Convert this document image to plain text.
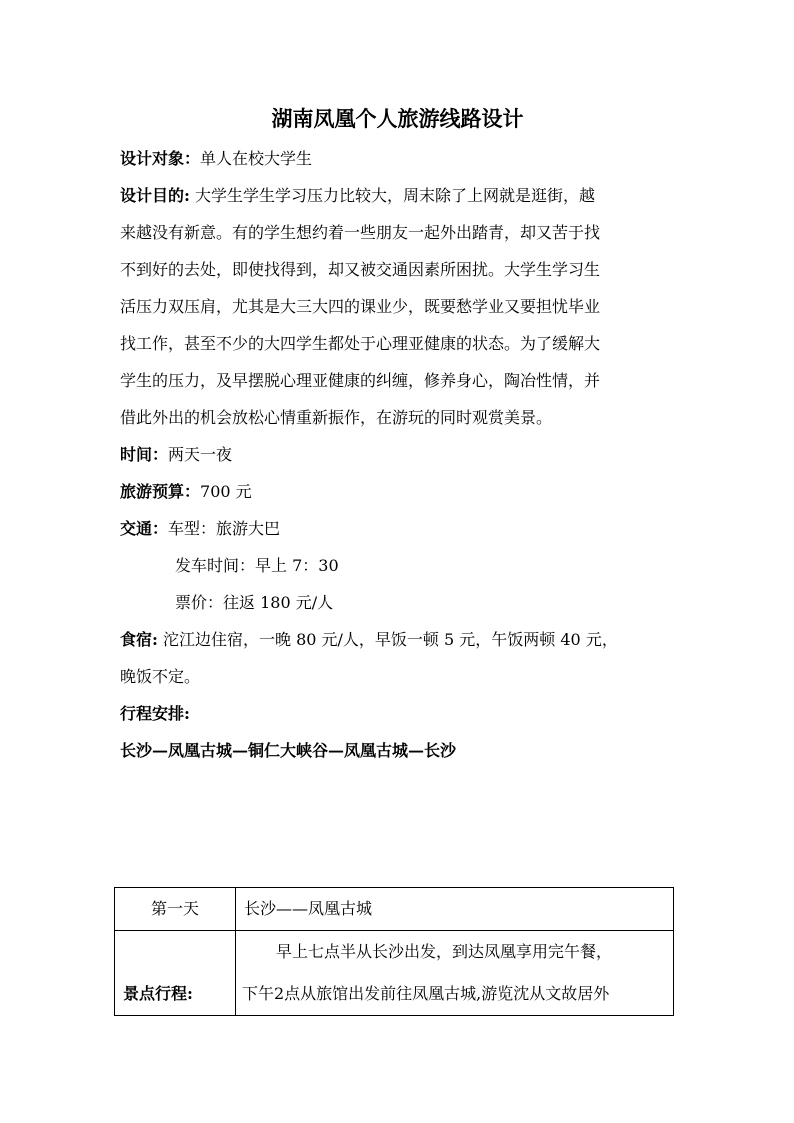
湖南凤凰个人旅游线路设计
设计对象：单人在校大学生
设计目的: 大学生学生学习压力比较大，周末除了上网就是逛街，越
来越没有新意。有的学生想约着一些朋友一起外出踏青，却又苦于找
不到好的去处，即使找得到，却又被交通因素所困扰。大学生学习生
活压力双压肩，尤其是大三大四的课业少，既要愁学业又要担忧毕业
找工作，甚至不少的大四学生都处于心理亚健康的状态。为了缓解大
学生的压力，及早摆脱心理亚健康的纠缠，修养身心，陶冶性情，并
借此外出的机会放松心情重新振作，在游玩的同时观赏美景。
时间：两天一夜
旅游预算：700 元
交通：车型：旅游大巴
发车时间：早上 7：30
票价：往返 180 元/人
食宿: 沱江边住宿，一晚 80 元/人，早饭一顿 5 元，午饭两顿 40 元，
晚饭不定。
行程安排:
长沙—凤凰古城—铜仁大峡谷—凤凰古城—长沙
第一天	长沙——凤凰古城
景点行程:	早上七点半从长沙出发，到达凤凰享用完午餐，
下午2点从旅馆出发前往凤凰古城,游览沈从文故居外
